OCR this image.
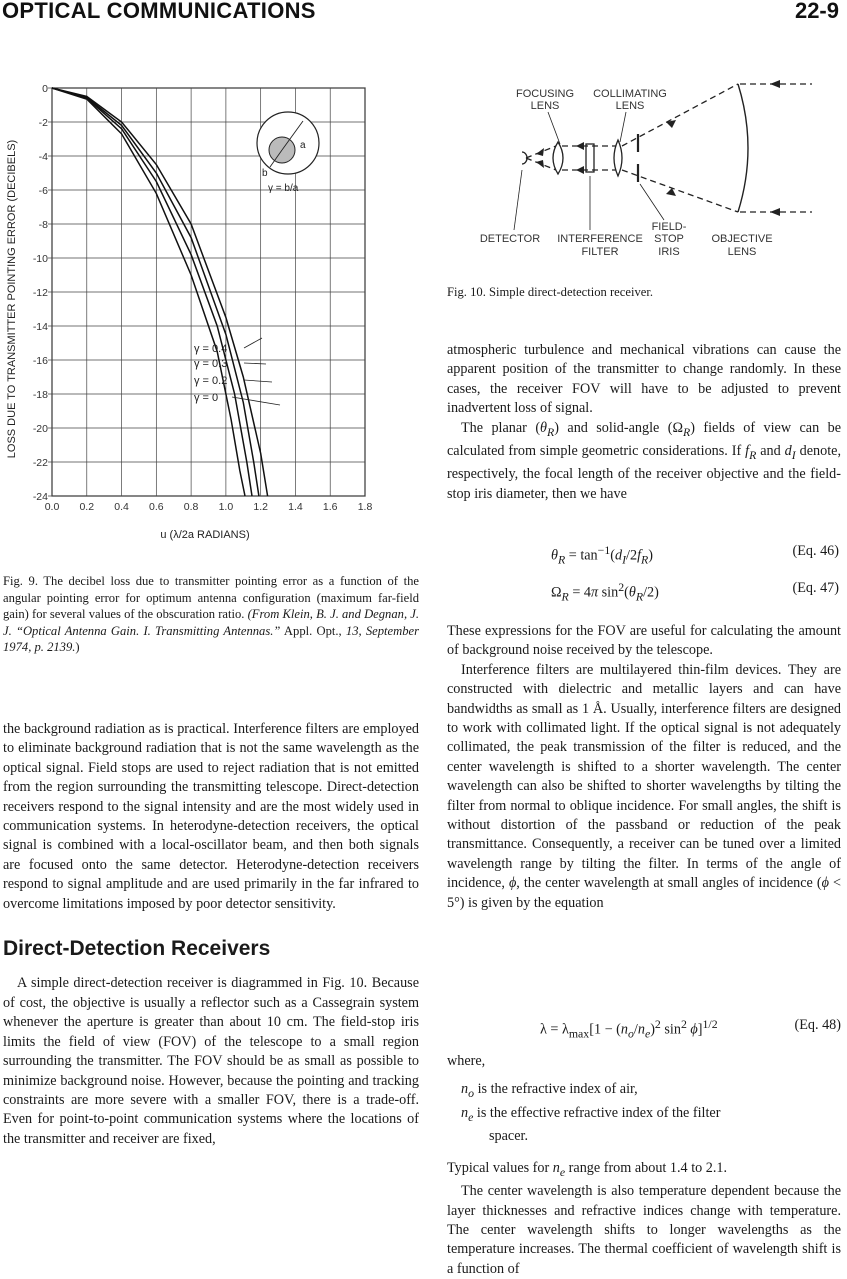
OPTICAL COMMUNICATIONS	22-9
0
-2
-4
-6
-8
-10
-12
-14
-16
-18
-20
-22
-24
0.0 0.2 0.4 0.6 0.8 1.0 1.2 1.4 1.6 1.8
a
b
γ = b/a
γ = 0.4
γ = 0.3
γ = 0.2
γ = 0
LOSS DUE TO TRANSMITTER POINTING ERROR (DECIBELS)
u (λ/2a RADIANS)
Fig. 9. The decibel loss due to transmitter pointing error as a function of the angular pointing error for optimum antenna configuration (maximum far-field gain) for several values of the obscuration ratio. (From Klein, B. J. and Degnan, J. J. “Optical Antenna Gain. I. Transmitting Antennas.” Appl. Opt., 13, September 1974, p. 2139.)

the background radiation as is practical. Interference filters are employed to eliminate background radiation that is not the same wavelength as the optical signal. Field stops are used to reject radiation that is not emitted from the region surrounding the transmitting telescope. Direct-detection receivers respond to the signal intensity and are the most widely used in communication systems. In heterodyne-detection receivers, the optical signal is combined with a local-oscillator beam, and then both signals are focused onto the same detector. Heterodyne-detection receivers respond to signal amplitude and are used primarily in the far infrared to overcome limitations imposed by poor detector sensitivity.

Direct-Detection Receivers

A simple direct-detection receiver is diagrammed in Fig. 10. Because of cost, the objective is usually a reflector such as a Cassegrain system whenever the aperture is greater than about 10 cm. The field-stop iris limits the field of view (FOV) of the telescope to a small region surrounding the transmitter. The FOV should be as small as possible to minimize background noise. However, because the pointing and tracking constraints are more severe with a smaller FOV, there is a trade-off. Even for point-to-point communication systems where the locations of the transmitter and receiver are fixed,

FOCUSING
LENS
COLLIMATING
LENS
DETECTOR INTERFERENCE
FILTER
FIELD-
STOP
IRIS
OBJECTIVE
LENS
Fig. 10. Simple direct-detection receiver.

atmospheric turbulence and mechanical vibrations can cause the apparent position of the transmitter to change randomly. In these cases, the receiver FOV will have to be adjusted to prevent inadvertent loss of signal.

The planar $(\theta_R)$ and solid-angle $(\Omega_R)$ fields of view can be calculated from simple geometric considerations. If $f_R$ and $d_I$ denote, respectively, the focal length of the receiver objective and the field-stop iris diameter, then we have

$\theta_R = \tan^{-1}(d_I/2f_R)$	(Eq. 46)
$\Omega_R = 4\pi$ $\sin^2(\theta_R/2)$	(Eq. 47)

These expressions for the FOV are useful for calculating the amount of background noise received by the telescope.

Interference filters are multilayered thin-film devices. They are constructed with dielectric and metallic layers and can have bandwidths as small as 1 Å. Usually, interference filters are designed to work with collimated light. If the optical signal is not adequately collimated, the peak transmission of the filter is reduced, and the center wavelength is shifted to a shorter wavelength. The center wavelength can also be shifted to shorter wavelengths by tilting the filter from normal to oblique incidence. For small angles, the shift is without distortion of the passband or reduction of the peak transmittance. Consequently, a receiver can be tuned over a limited wavelength range by tilting the filter. In terms of the angle of incidence, ϕ, the center wavelength at small angles of incidence (ϕ < 5°) is given by the equation

$\lambda = \lambda_{max}[1 - (n_o/n_e)^2$ $\sin^2 \phi]^{1/2}$	(Eq. 48)
where,
$n_o$ is the refractive index of air,
$n_e$ is the effective refractive index of the filter
spacer.

Typical values for $n_e$ range from about 1.4 to 2.1.

The center wavelength is also temperature dependent because the layer thicknesses and refractive indices change with temperature. The center wavelength shifts to longer wavelengths as the temperature increases. The thermal coefficient of wavelength shift is a function of
